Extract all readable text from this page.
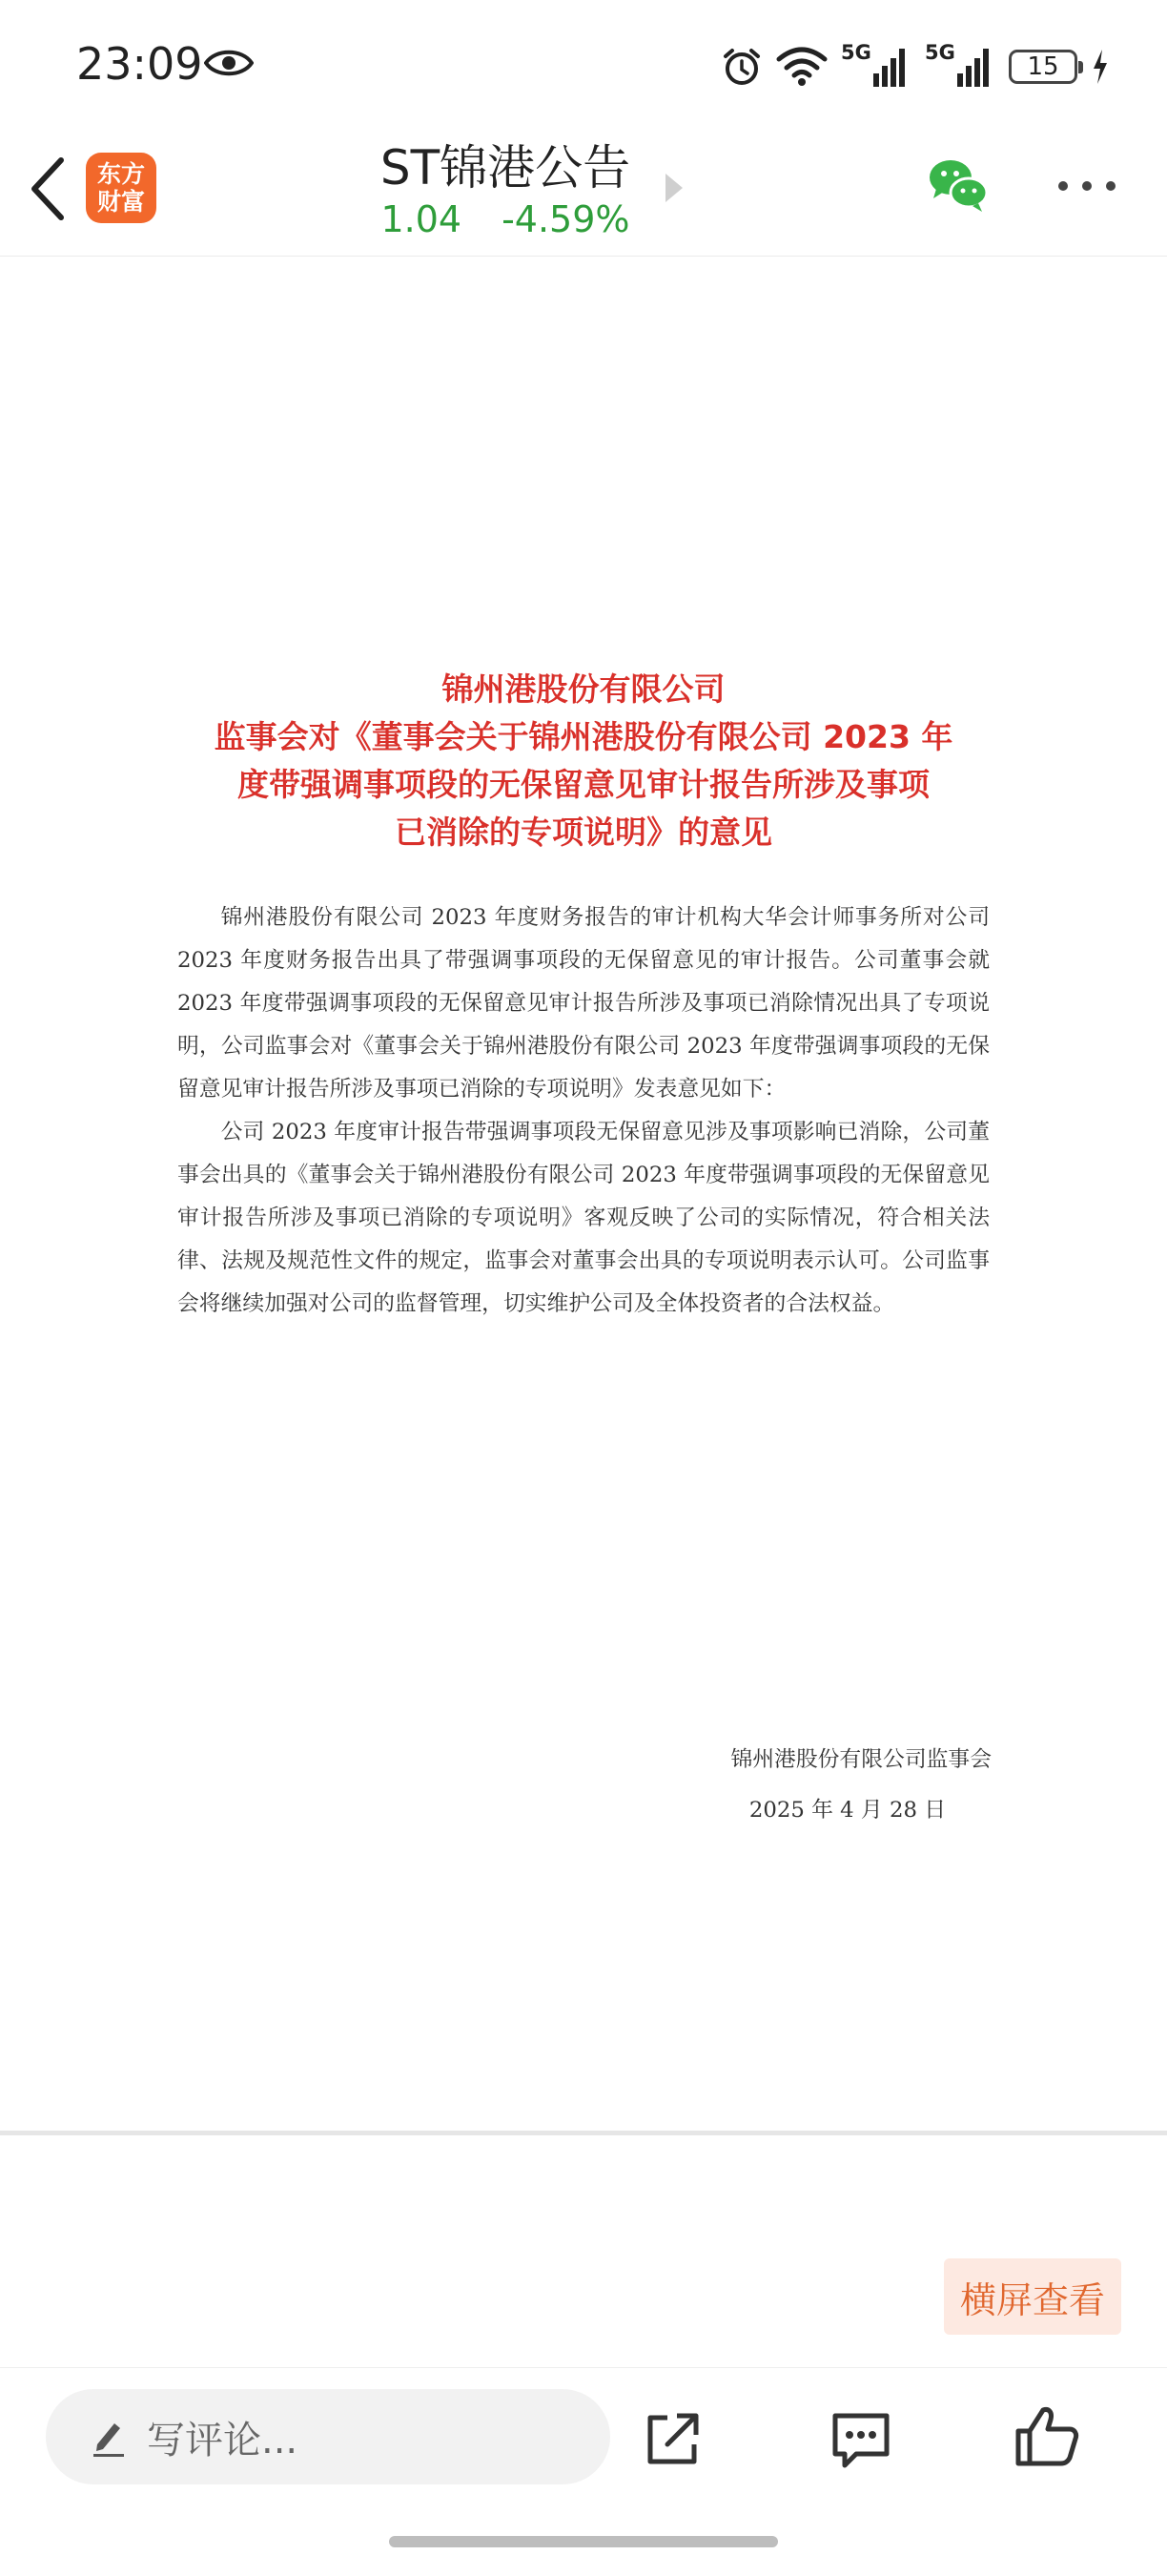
23:09	5G	5G	15
东方
财富
ST锦港公告
1.04 -4.59%
锦州港股份有限公司
监事会对《董事会关于锦州港股份有限公司 2023 年
度带强调事项段的无保留意见审计报告所涉及事项
已消除的专项说明》的意见

锦州港股份有限公司 2023 年度财务报告的审计机构大华会计师事务所对公司 2023 年度财务报告出具了带强调事项段的无保留意见的审计报告。公司董事会就 2023 年度带强调事项段的无保留意见审计报告所涉及事项已消除情况出具了专项说明，公司监事会对《董事会关于锦州港股份有限公司 2023 年度带强调事项段的无保留意见审计报告所涉及事项已消除的专项说明》发表意见如下：

公司 2023 年度审计报告带强调事项段无保留意见涉及事项影响已消除，公司董事会出具的《董事会关于锦州港股份有限公司 2023 年度带强调事项段的无保留意见审计报告所涉及事项已消除的专项说明》客观反映了公司的实际情况，符合相关法律、法规及规范性文件的规定，监事会对董事会出具的专项说明表示认可。公司监事会将继续加强对公司的监督管理，切实维护公司及全体投资者的合法权益。

锦州港股份有限公司监事会
2025 年 4 月 28 日
横屏查看
写评论...
